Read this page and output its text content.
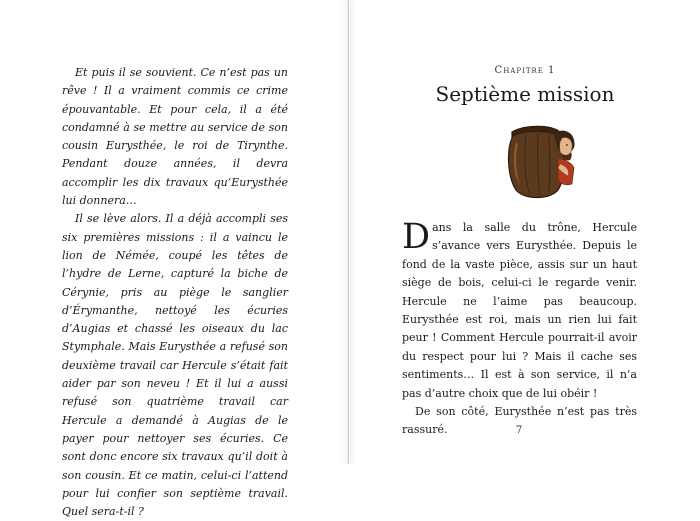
Et puis il se souvient. Ce n’est pas un rêve ! Il a vraiment commis ce crime épouvantable. Et pour cela, il a été condamné à se mettre au service de son cousin Eurysthée, le roi de Tirynthe. Pendant douze années, il devra accomplir les dix travaux qu’Eurysthée lui donnera…

Il se lève alors. Il a déjà accompli ses six premières missions : il a vaincu le lion de Némée, coupé les têtes de l’hydre de Lerne, capturé la biche de Cérynie, pris au piège le sanglier d’Érymanthe, nettoyé les écuries d’Augias et chassé les oiseaux du lac Stymphale. Mais Eurysthée a refusé son deuxième travail car Hercule s’était fait aider par son neveu ! Et il lui a aussi refusé son quatrième travail car Hercule a demandé à Augias de le payer pour nettoyer ses écuries. Ce sont donc encore six travaux qu’il doit à son cousin. Et ce matin, celui-ci l’attend pour lui confier son septième travail. Quel sera-t-il ?

Chapitre 1
Septième mission

Dans la salle du trône, Hercule s’avance vers Eurysthée. Depuis le fond de la vaste pièce, assis sur un haut siège de bois, celui-ci le regarde venir. Hercule ne l’aime pas beaucoup. Eurysthée est roi, mais un rien lui fait peur ! Comment Hercule pourrait-il avoir du respect pour lui ? Mais il cache ses sentiments… Il est à son service, il n’a pas d’autre choix que de lui obéir !

De son côté, Eurysthée n’est pas très rassuré.	7
